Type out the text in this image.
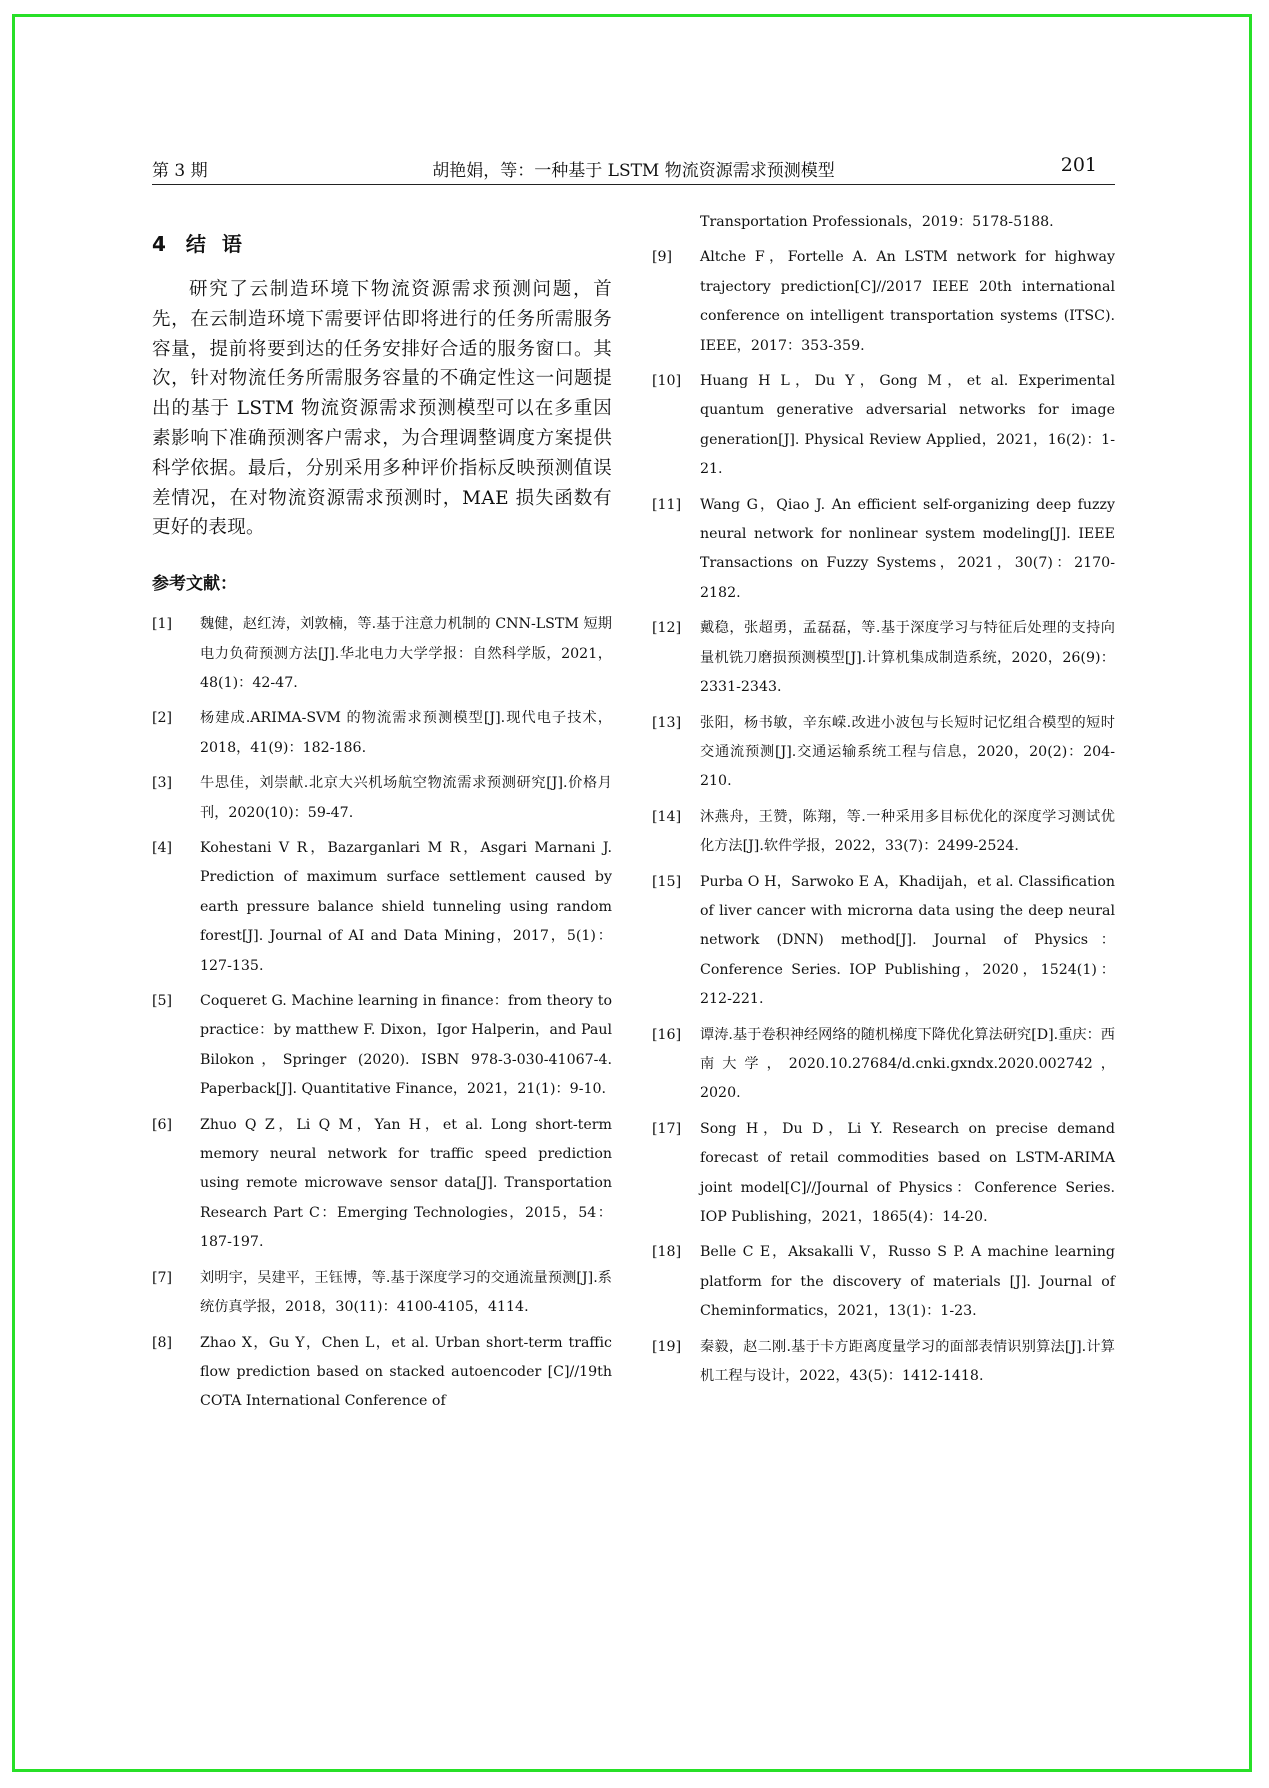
第 3 期	胡艳娟，等：一种基于 LSTM 物流资源需求预测模型	201
4 结 语

研究了云制造环境下物流资源需求预测问题，首先，在云制造环境下需要评估即将进行的任务所需服务容量，提前将要到达的任务安排好合适的服务窗口。其次，针对物流任务所需服务容量的不确定性这一问题提出的基于 LSTM 物流资源需求预测模型可以在多重因素影响下准确预测客户需求，为合理调整调度方案提供科学依据。最后，分别采用多种评价指标反映预测值误差情况，在对物流资源需求预测时，MAE 损失函数有更好的表现。

参考文献：
[1] 魏健，赵红涛，刘敦楠，等.基于注意力机制的 CNN-LSTM 短期电力负荷预测方法[J].华北电力大学学报：自然科学版，2021，48(1)：42-47.
[2] 杨建成.ARIMA-SVM 的物流需求预测模型[J].现代电子技术，2018，41(9)：182-186.
[3] 牛思佳，刘崇献.北京大兴机场航空物流需求预测研究[J].价格月刊，2020(10)：59-47.
[4] Kohestani V R，Bazarganlari M R，Asgari Marnani J. Prediction of maximum surface settlement caused by earth pressure balance shield tunneling using random forest[J]. Journal of AI and Data Mining，2017，5(1)：127-135.
[5] Coqueret G. Machine learning in finance：from theory to practice：by matthew F. Dixon，Igor Halperin，and Paul Bilokon，Springer (2020). ISBN 978-3-030-41067-4. Paperback[J]. Quantitative Finance，2021，21(1)：9-10.
[6] Zhuo Q Z，Li Q M，Yan H，et al. Long short-term memory neural network for traffic speed prediction using remote microwave sensor data[J]. Transportation Research Part C：Emerging Technologies，2015，54：187-197.
[7] 刘明宇，吴建平，王钰博，等.基于深度学习的交通流量预测[J].系统仿真学报，2018，30(11)：4100-4105，4114.
[8] Zhao X，Gu Y，Chen L，et al. Urban short-term traffic flow prediction based on stacked autoencoder [C]//19th COTA International Conference of
Transportation Professionals，2019：5178-5188.
[9] Altche F，Fortelle A. An LSTM network for highway trajectory prediction[C]//2017 IEEE 20th international conference on intelligent transportation systems (ITSC). IEEE，2017：353-359.
[10] Huang H L，Du Y，Gong M，et al. Experimental quantum generative adversarial networks for image generation[J]. Physical Review Applied，2021，16(2)：1-21.
[11] Wang G，Qiao J. An efficient self-organizing deep fuzzy neural network for nonlinear system modeling[J]. IEEE Transactions on Fuzzy Systems，2021，30(7)：2170-2182.
[12] 戴稳，张超勇，孟磊磊，等.基于深度学习与特征后处理的支持向量机铣刀磨损预测模型[J].计算机集成制造系统，2020，26(9)：2331-2343.
[13] 张阳，杨书敏，辛东嵘.改进小波包与长短时记忆组合模型的短时交通流预测[J].交通运输系统工程与信息，2020，20(2)：204-210.
[14] 沐燕舟，王赞，陈翔，等.一种采用多目标优化的深度学习测试优化方法[J].软件学报，2022，33(7)：2499-2524.
[15] Purba O H，Sarwoko E A，Khadijah，et al. Classification of liver cancer with microrna data using the deep neural network (DNN) method[J]. Journal of Physics：Conference Series. IOP Publishing，2020，1524(1)：212-221.
[16] 谭涛.基于卷积神经网络的随机梯度下降优化算法研究[D].重庆：西南大学，2020.10.27684/d.cnki.gxndx.2020.002742，2020.
[17] Song H，Du D，Li Y. Research on precise demand forecast of retail commodities based on LSTM-ARIMA joint model[C]//Journal of Physics：Conference Series. IOP Publishing，2021，1865(4)：14-20.
[18] Belle C E，Aksakalli V，Russo S P. A machine learning platform for the discovery of materials [J]. Journal of Cheminformatics，2021，13(1)：1-23.
[19] 秦毅，赵二刚.基于卡方距离度量学习的面部表情识别算法[J].计算机工程与设计，2022，43(5)：1412-1418.
